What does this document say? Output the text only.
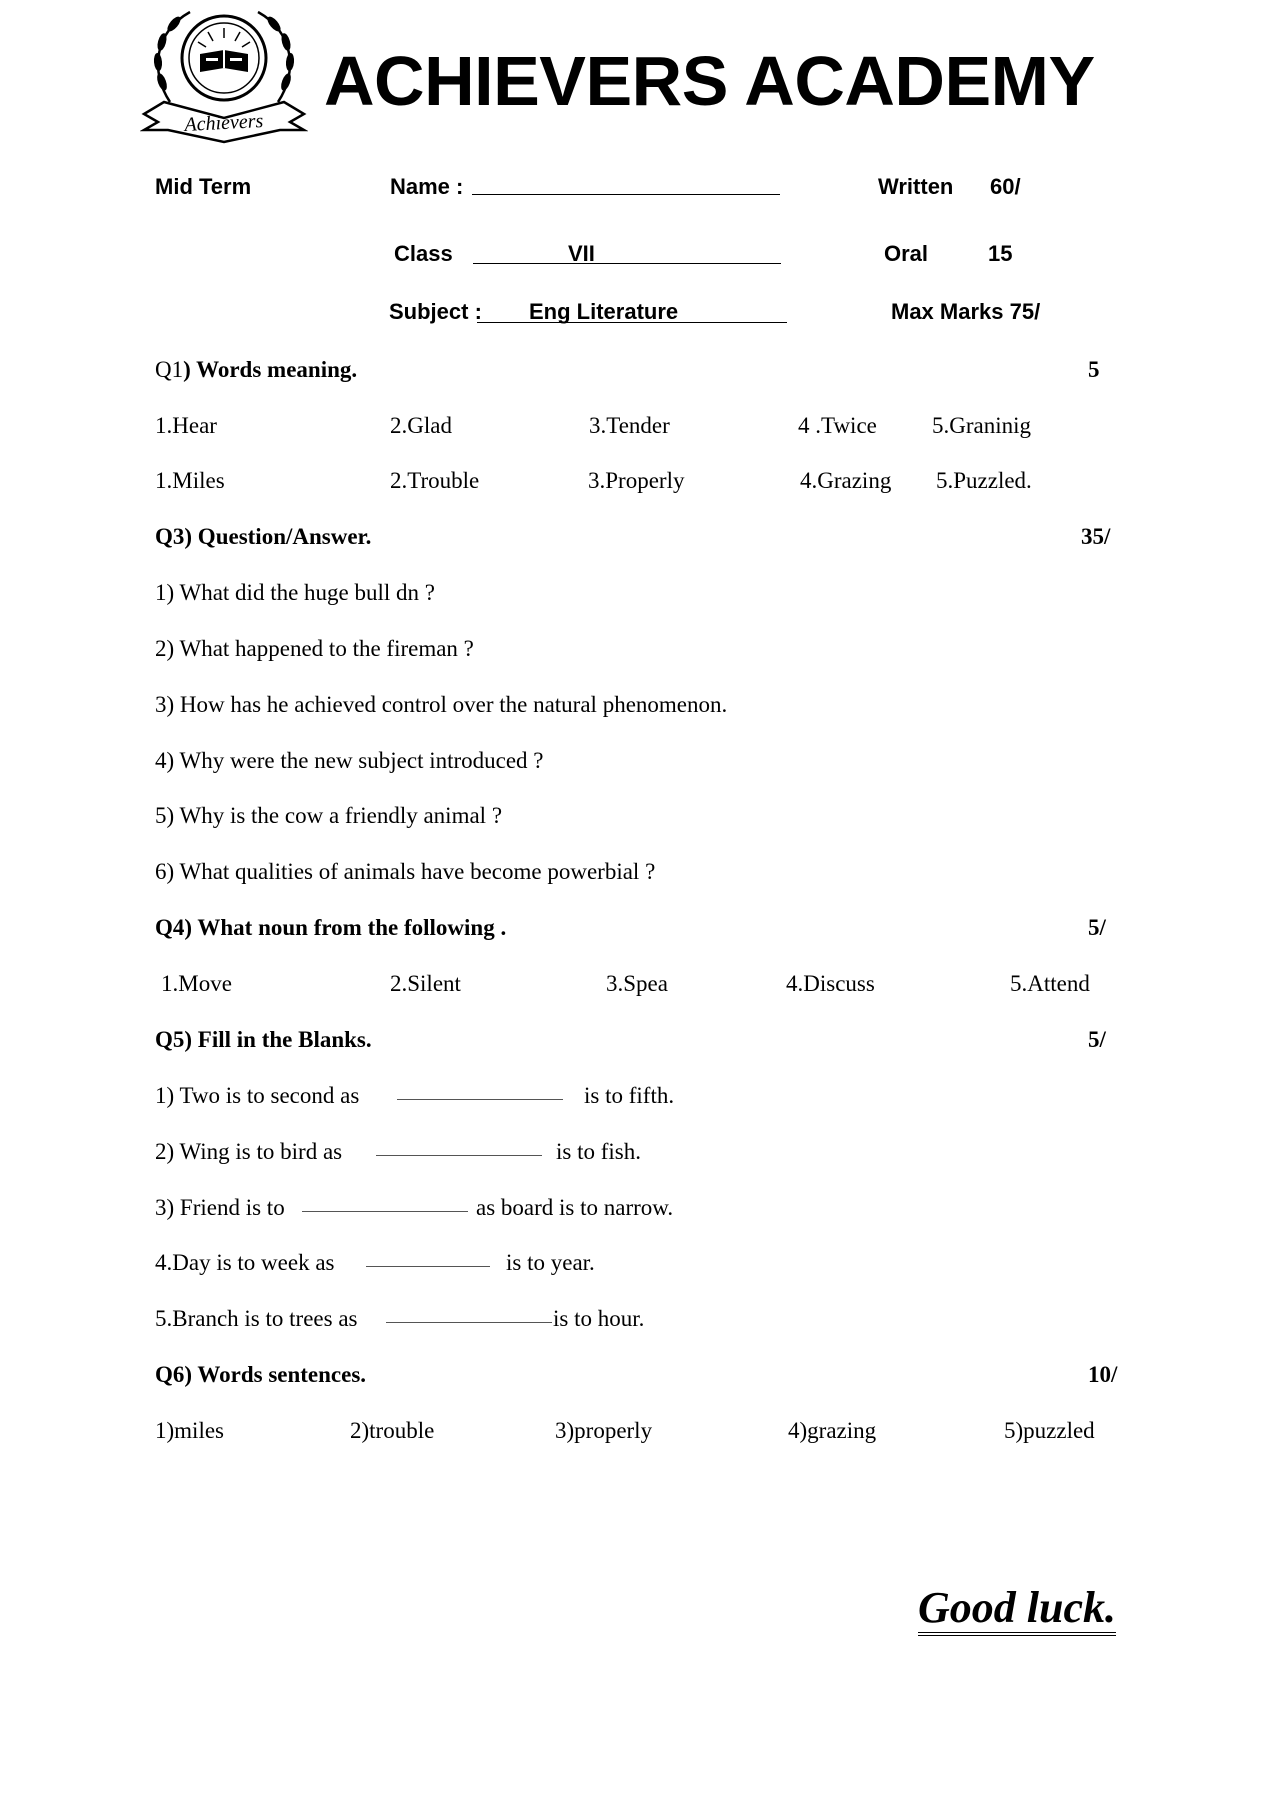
Achievers
ACHIEVERS ACADEMY
Mid Term	Name :	Written 60/
Class	VII	Oral	15
Subject : Eng Literature	Max Marks 75/
Q1) Words meaning.	5
1.Hear	2.Glad	3.Tender	4 .Twice 5.Graninig
1.Miles	2.Trouble	3.Properly	4.Grazing 5.Puzzled.
Q3) Question/Answer.	35/
1) What did the huge bull dn ?
2) What happened to the fireman ?
3) How has he achieved control over the natural phenomenon.
4) Why were the new subject introduced ?
5) Why is the cow a friendly animal ?
6) What qualities of animals have become powerbial ?
Q4) What noun from the following .	5/
1.Move	2.Silent	3.Spea	4.Discuss	5.Attend
Q5) Fill in the Blanks.	5/
1) Two is to second as	is to fifth.
2) Wing is to bird as	is to fish.
3) Friend is to	as board is to narrow.
4.Day is to week as	is to year.
5.Branch is to trees as	is to hour.
Q6) Words sentences.	10/
1)miles	2)trouble	3)properly	4)grazing	5)puzzled
Good luck.
